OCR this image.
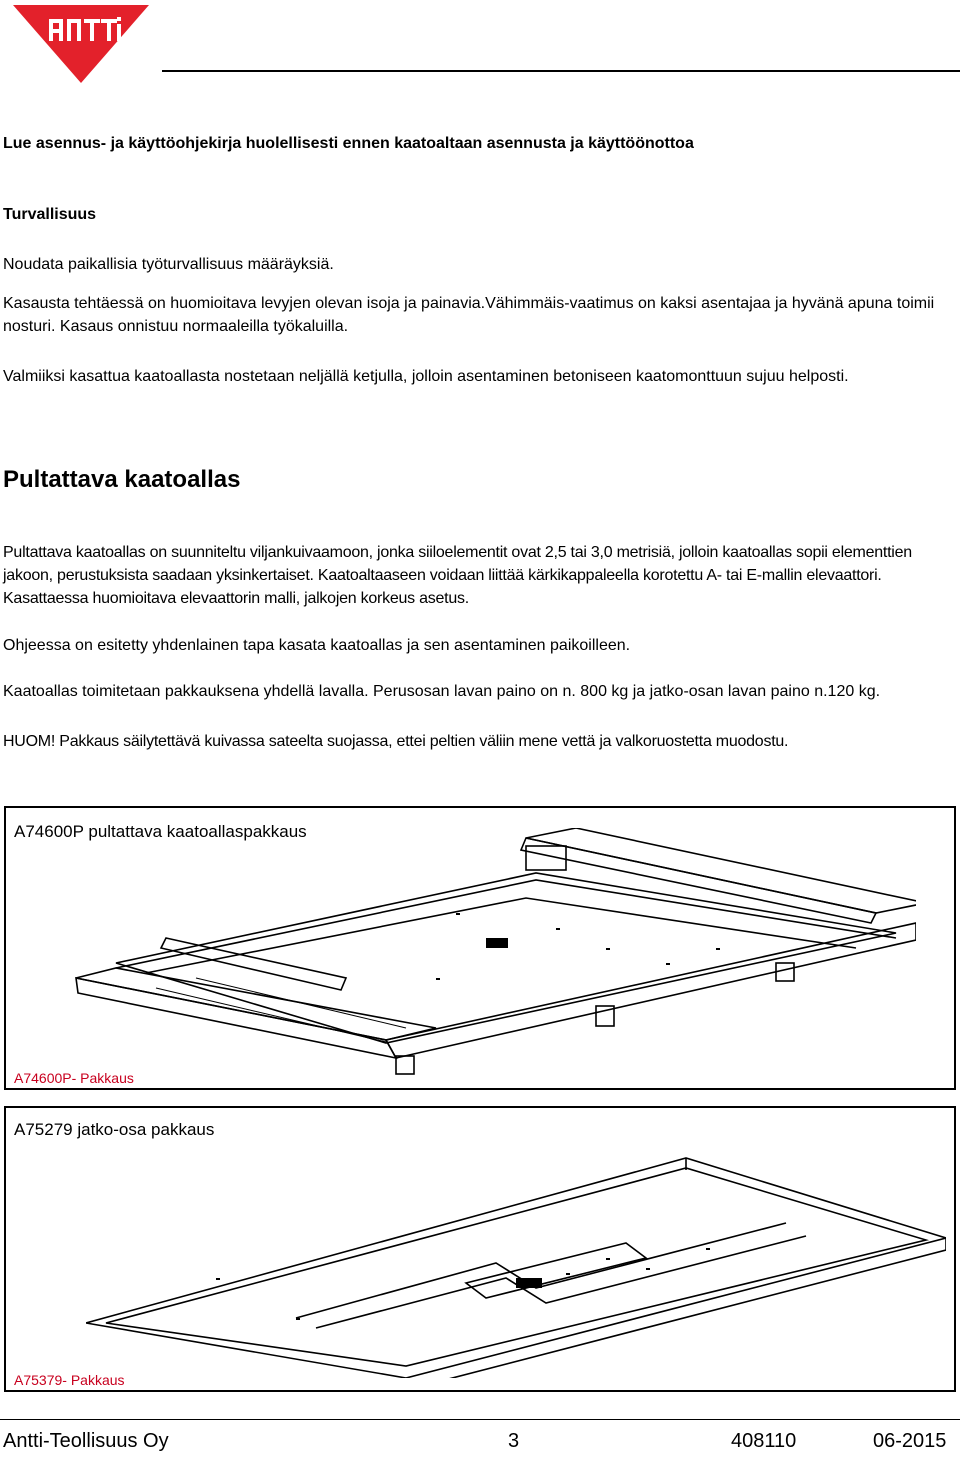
Lue asennus- ja käyttöohjekirja huolellisesti ennen kaatoaltaan asennusta ja käyttöönottoa
Turvallisuus
Noudata paikallisia työturvallisuus määräyksiä.
Kasausta tehtäessä on huomioitava levyjen olevan isoja ja painavia.Vähimmäis-vaatimus on kaksi asentajaa ja hyvänä apuna toimii nosturi. Kasaus onnistuu normaaleilla työkaluilla.
Valmiiksi kasattua kaatoallasta nostetaan neljällä ketjulla, jolloin asentaminen betoniseen kaatomonttuun sujuu helposti.
Pultattava kaatoallas
Pultattava kaatoallas on suunniteltu viljankuivaamoon, jonka siiloelementit ovat 2,5 tai 3,0 metrisiä, jolloin kaatoallas sopii elementtien jakoon, perustuksista saadaan yksinkertaiset. Kaatoaltaaseen voidaan liittää kärkikappaleella korotettu A- tai E-mallin elevaattori. Kasattaessa huomioitava elevaattorin malli, jalkojen korkeus asetus.
Ohjeessa on esitetty yhdenlainen tapa kasata kaatoallas ja sen asentaminen paikoilleen.
Kaatoallas toimitetaan pakkauksena yhdellä lavalla. Perusosan lavan paino on n. 800 kg ja jatko-osan lavan paino n.120 kg.
HUOM! Pakkaus säilytettävä kuivassa sateelta suojassa, ettei peltien väliin mene vettä ja valkoruostetta muodostu.
A74600P pultattava kaatoallaspakkaus
A74600P- Pakkaus
A75279 jatko-osa pakkaus
A75379- Pakkaus
Antti-Teollisuus Oy	3	408110	06-2015
